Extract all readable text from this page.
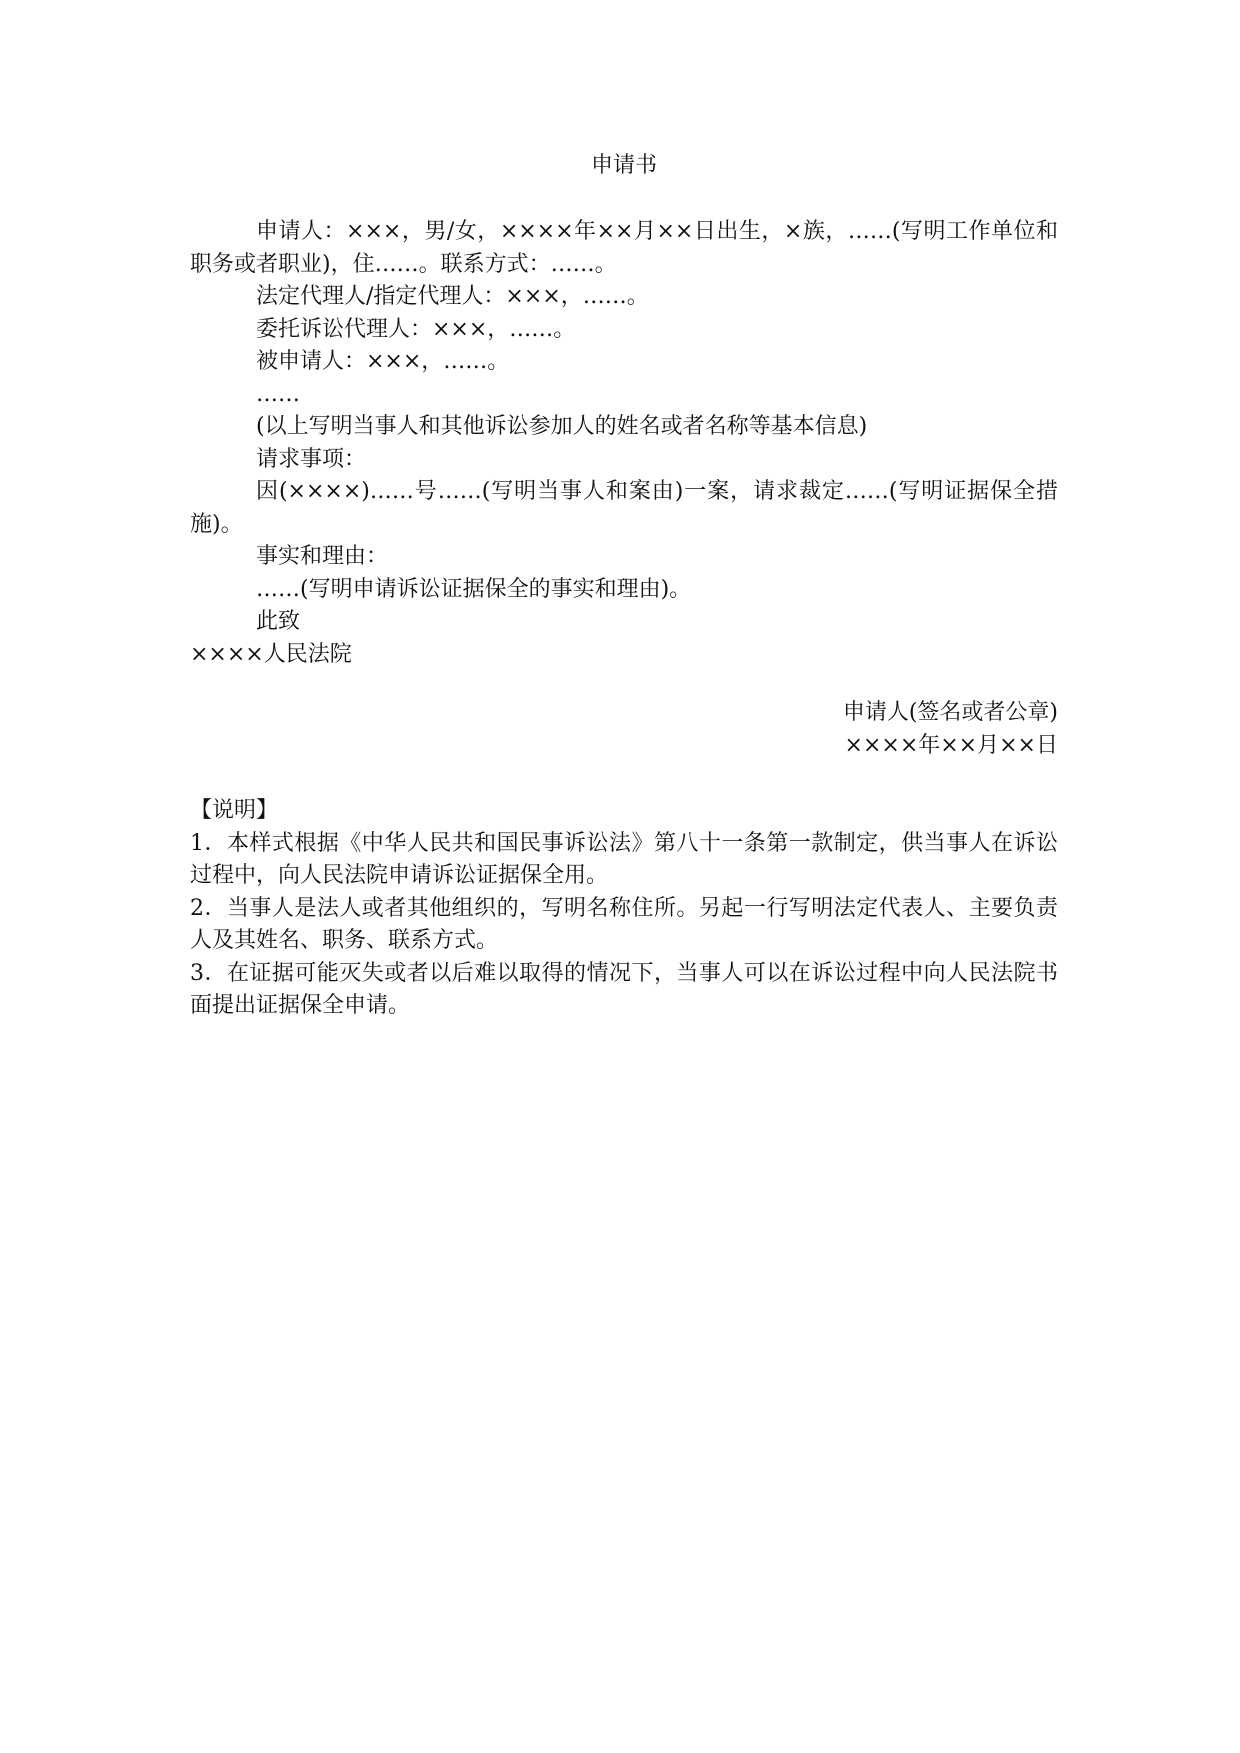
申请书

申请人：×××，男/女，××××年××月××日出生，×族，……(写明工作单位和职务或者职业)，住……。联系方式：……。

法定代理人/指定代理人：×××，……。

委托诉讼代理人：×××，……。

被申请人：×××，……。

……

(以上写明当事人和其他诉讼参加人的姓名或者名称等基本信息)

请求事项：

因(××××)……号……(写明当事人和案由)一案，请求裁定……(写明证据保全措施)。

事实和理由：

……(写明申请诉讼证据保全的事实和理由)。

此致

××××人民法院

申请人(签名或者公章)

××××年××月××日

【说明】

1．本样式根据《中华人民共和国民事诉讼法》第八十一条第一款制定，供当事人在诉讼过程中，向人民法院申请诉讼证据保全用。

2．当事人是法人或者其他组织的，写明名称住所。另起一行写明法定代表人、主要负责人及其姓名、职务、联系方式。

3．在证据可能灭失或者以后难以取得的情况下，当事人可以在诉讼过程中向人民法院书面提出证据保全申请。
